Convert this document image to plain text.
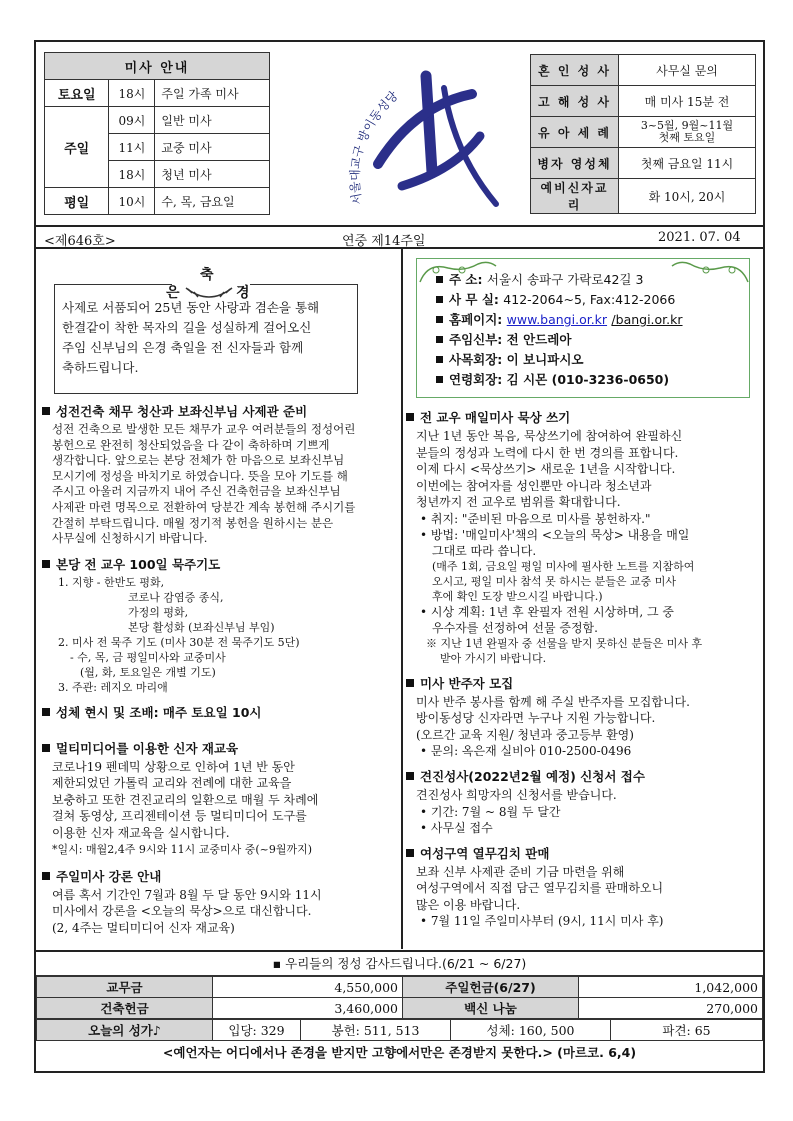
미사 안내		
토요일	18시	주일 가족 미사
주일	09시	일반 미사
	11시	교중 미사
	18시	청년 미사
평일	10시	수, 목, 금요일	서울대교구 방이동성당
혼 인 성 사	사무실 문의
고 해 성 사	매 미사 15분 전
유 아 세 례	3~5월, 9월~11월
첫째 토요일
병자 영성체	첫째 금요일 11시
예비신자교리	화 10시, 20시
<제646호>	연중 제14주일	2021. 07. 04
축
은	경
사제로 서품되어 25년 동안 사랑과 겸손을 통해
한결같이 착한 목자의 길을 성실하게 걸어오신
주임 신부님의 은경 축일을 전 신자들과 함께
축하드립니다.
성전건축 채무 청산과 보좌신부님 사제관 준비

성전 건축으로 발생한 모든 채무가 교우 여러분들의 정성어린
봉헌으로 완전히 청산되었음을 다 같이 축하하며 기쁘게
생각합니다. 앞으로는 본당 전체가 한 마음으로 보좌신부님
모시기에 정성을 바치기로 하였습니다. 뜻을 모아 기도를 해
주시고 아울러 지금까지 내어 주신 건축헌금을 보좌신부님
사제관 마련 명목으로 전환하여 당분간 계속 봉헌해 주시기를
간절히 부탁드립니다. 매월 정기적 봉헌을 원하시는 분은
사무실에 신청하시기 바랍니다.

본당 전 교우 100일 묵주기도

1. 지향 - 한반도 평화,
코로나 감염증 종식,
가정의 평화,
본당 활성화 (보좌신부님 부임)
2. 미사 전 묵주 기도 (미사 30분 전 묵주기도 5단)
- 수, 목, 금 평일미사와 교중미사
(월, 화, 토요일은 개별 기도)
3. 주관: 레지오 마리애

성체 현시 및 조배: 매주 토요일 10시
멀티미디어를 이용한 신자 재교육

코로나19 펜데믹 상황으로 인하여 1년 반 동안
제한되었던 가톨릭 교리와 전례에 대한 교육을
보충하고 또한 견진교리의 일환으로 매월 두 차례에
걸쳐 동영상, 프리젠테이션 등 멀티미디어 도구를
이용한 신자 재교육을 실시합니다.
*일시: 매월2,4주 9시와 11시 교중미사 중(~9월까지)

주일미사 강론 안내

여름 혹서 기간인 7월과 8월 두 달 동안 9시와 11시
미사에서 강론을 <오늘의 묵상>으로 대신합니다.
(2, 4주는 멀티미디어 신자 재교육)

주 소: 서울시 송파구 가락로42길 3
사 무 실: 412-2064~5, Fax:412-2066
홈페이지: www.bangi.or.kr /bangi.or.kr
주임신부: 전 안드레아
사목회장: 이 보니파시오
연령회장: 김 시몬 (010-3236-0650)
전 교우 매일미사 묵상 쓰기

지난 1년 동안 복음, 묵상쓰기에 참여하여 완필하신
분들의 정성과 노력에 다시 한 번 경의를 표합니다.
이제 다시 <묵상쓰기> 새로운 1년을 시작합니다.
이번에는 참여자를 성인뿐만 아니라 청소년과
청년까지 전 교우로 범위를 확대합니다.

• 취지: "준비된 마음으로 미사를 봉헌하자."
• 방법: '매일미사'책의 <오늘의 묵상> 내용을 매일
그대로 따라 씁니다.

(매주 1회, 금요일 평일 미사에 필사한 노트를 지참하여
오시고, 평일 미사 참석 못 하시는 분들은 교중 미사
후에 확인 도장 받으시길 바랍니다.)

• 시상 계획: 1년 후 완필자 전원 시상하며, 그 중
우수자를 선정하여 선물 증정함.

※ 지난 1년 완필자 중 선물을 받지 못하신 분들은 미사 후
받아 가시기 바랍니다.

미사 반주자 모집

미사 반주 봉사를 함께 해 주실 반주자를 모집합니다.
방이동성당 신자라면 누구나 지원 가능합니다.
(오르간 교육 지원/ 청년과 중고등부 환영)

• 문의: 옥은재 실비아 010-2500-0496
견진성사(2022년2월 예정) 신청서 접수

견진성사 희망자의 신청서를 받습니다.

• 기간: 7월 ~ 8월 두 달간
• 사무실 접수
여성구역 열무김치 판매

보좌 신부 사제관 준비 기금 마련을 위해
여성구역에서 직접 담근 열무김치를 판매하오니
많은 이용 바랍니다.

• 7월 11일 주일미사부터 (9시, 11시 미사 후)
▪ 우리들의 정성 감사드립니다.(6/21 ~ 6/27)
교무금	4,550,000	주일헌금(6/27)	1,042,000
건축헌금	3,460,000	백신 나눔	270,000
오늘의 성가♪	입당: 329	봉헌: 511, 513	성체: 160, 500	파견: 65
<예언자는 어디에서나 존경을 받지만 고향에서만은 존경받지 못한다.> (마르코. 6,4)
